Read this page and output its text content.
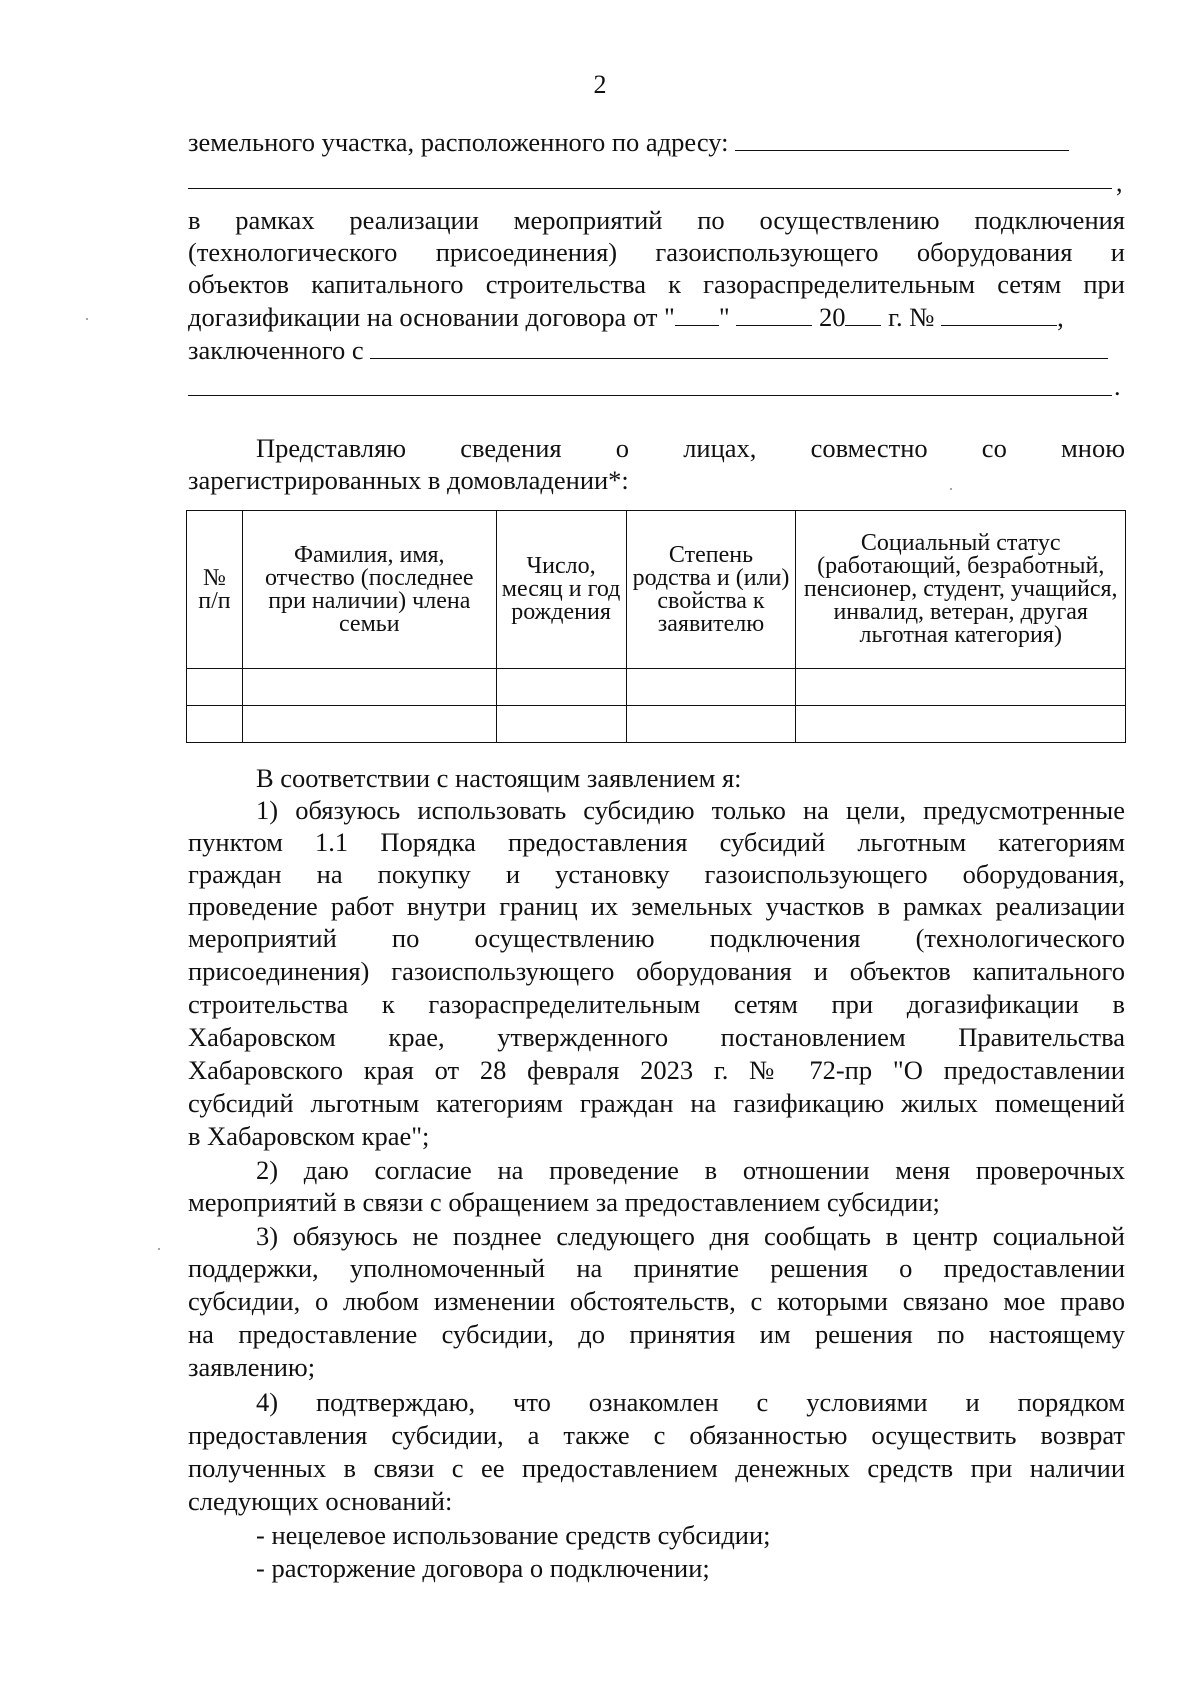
2
земельного участка, расположенного по адресу:
,
в рамках реализации мероприятий по осуществлению подключения
(технологического присоединения) газоиспользующего оборудования и
объектов капитального строительства к газораспределительным сетям при
догазификации на основании договора от " "	20 г. №	,
заключенного с
.
Представляю сведения о лицах, совместно со мною
зарегистрированных в домовладении*:
№ п/п	Фамилия, имя, отчество (последнее при наличии) члена семьи	Число, месяц и год рождения	Степень родства и (или) свойства к заявителю	Социальный статус (работающий, безработный, пенсионер, студент, учащийся, инвалид, ветеран, другая льготная категория)

В соответствии с настоящим заявлением я:
1) обязуюсь использовать субсидию только на цели, предусмотренные
пунктом 1.1 Порядка предоставления субсидий льготным категориям
граждан на покупку и установку газоиспользующего оборудования,
проведение работ внутри границ их земельных участков в рамках реализации
мероприятий по осуществлению подключения (технологического
присоединения) газоиспользующего оборудования и объектов капитального
строительства к газораспределительным сетям при догазификации в
Хабаровском крае, утвержденного постановлением Правительства
Хабаровского края от 28 февраля 2023 г. № 72-пр "О предоставлении
субсидий льготным категориям граждан на газификацию жилых помещений
в Хабаровском крае";
2) даю согласие на проведение в отношении меня проверочных
мероприятий в связи с обращением за предоставлением субсидии;
3) обязуюсь не позднее следующего дня сообщать в центр социальной
поддержки, уполномоченный на принятие решения о предоставлении
субсидии, о любом изменении обстоятельств, с которыми связано мое право
на предоставление субсидии, до принятия им решения по настоящему
заявлению;
4) подтверждаю, что ознакомлен с условиями и порядком
предоставления субсидии, а также с обязанностью осуществить возврат
полученных в связи с ее предоставлением денежных средств при наличии
следующих оснований:
- нецелевое использование средств субсидии;
- расторжение договора о подключении;
